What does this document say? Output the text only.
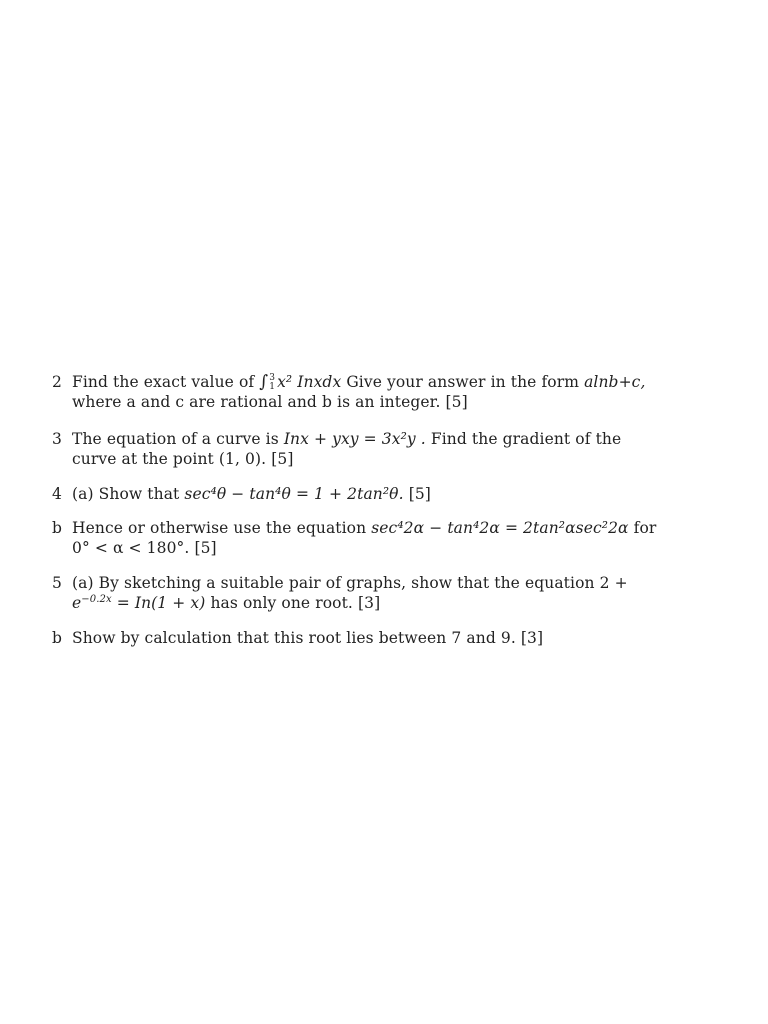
2 Find the exact value of ∫ 3
1 x² Inxdx Give your answer in the form alnb+c,
where a and c are rational and b is an integer. [5]
3 The equation of a curve is Inx + yxy = 3x²y . Find the gradient of the
curve at the point (1, 0). [5]
4 (a) Show that sec⁴θ − tan⁴θ = 1 + 2tan²θ. [5]
b Hence or otherwise use the equation sec⁴2α − tan⁴2α = 2tan²αsec²2α for
0° < α < 180°. [5]
5 (a) By sketching a suitable pair of graphs, show that the equation 2 +
$e^{-0.2x} = In(1 + x)$ has only one root. [3]
b Show by calculation that this root lies between 7 and 9. [3]
